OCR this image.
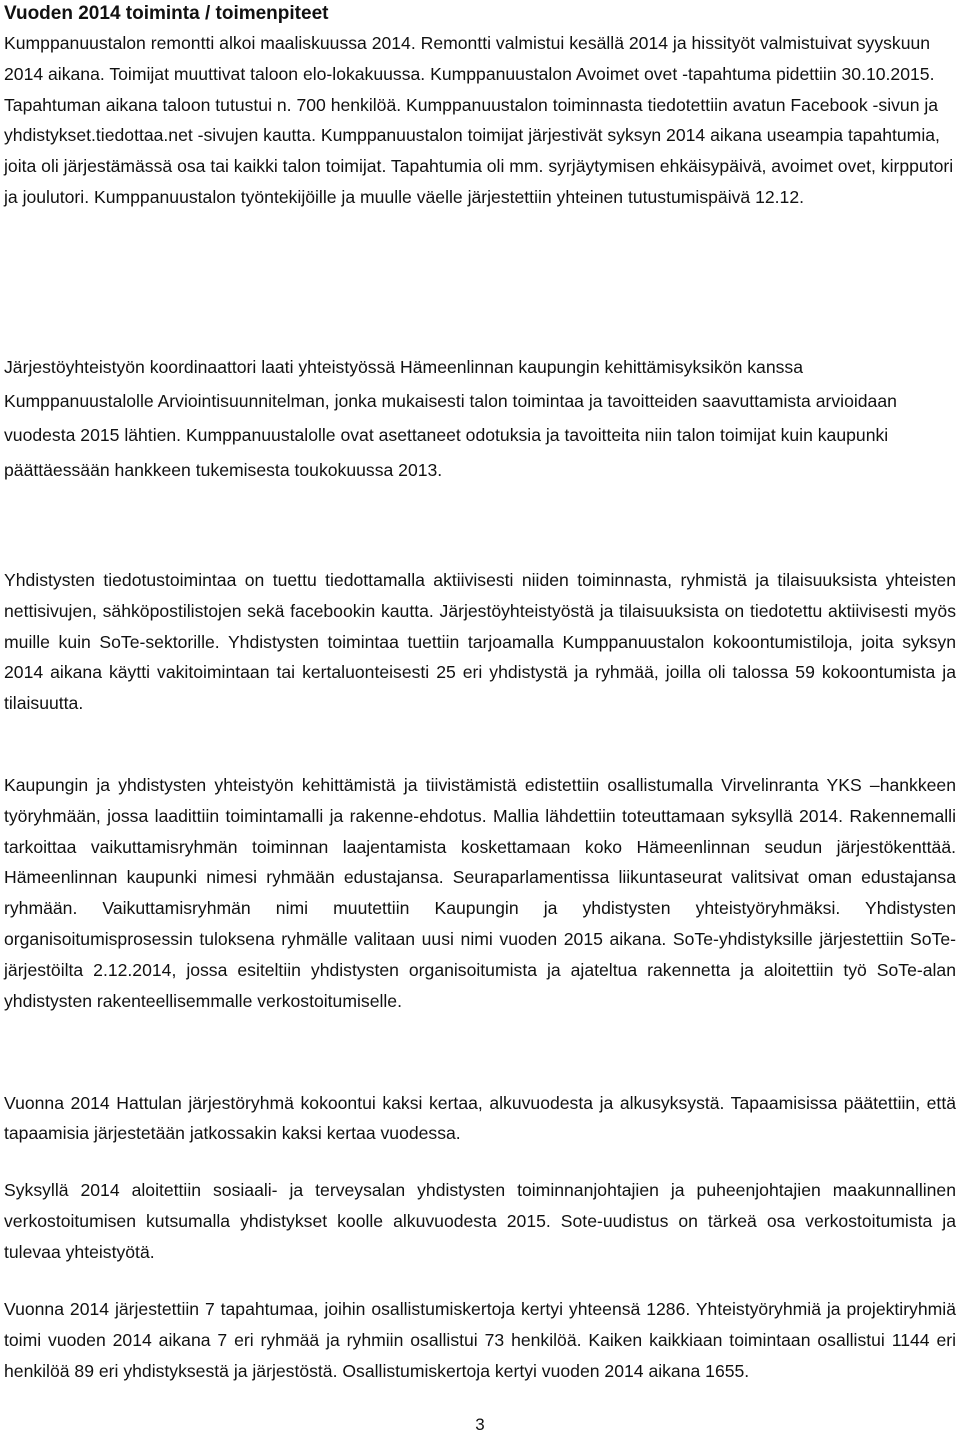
Vuoden 2014 toiminta / toimenpiteet

Kumppanuustalon remontti alkoi maaliskuussa 2014. Remontti valmistui kesällä 2014 ja hissityöt valmistuivat syyskuun 2014 aikana. Toimijat muuttivat taloon elo-lokakuussa. Kumppanuustalon Avoimet ovet -tapahtuma pidettiin 30.10.2015. Tapahtuman aikana taloon tutustui n. 700 henkilöä. Kumppanuustalon toiminnasta tiedotettiin avatun Facebook -sivun ja yhdistykset.tiedottaa.net -sivujen kautta. Kumppanuustalon toimijat järjestivät syksyn 2014 aikana useampia tapahtumia, joita oli järjestämässä osa tai kaikki talon toimijat. Tapahtumia oli mm. syrjäytymisen ehkäisypäivä, avoimet ovet, kirpputori ja joulutori. Kumppanuustalon työntekijöille ja muulle väelle järjestettiin yhteinen tutustumispäivä 12.12.

Järjestöyhteistyön koordinaattori laati yhteistyössä Hämeenlinnan kaupungin kehittämisyksikön kanssa Kumppanuustalolle Arviointisuunnitelman, jonka mukaisesti talon toimintaa ja tavoitteiden saavuttamista arvioidaan vuodesta 2015 lähtien. Kumppanuustalolle ovat asettaneet odotuksia ja tavoitteita niin talon toimijat kuin kaupunki päättäessään hankkeen tukemisesta toukokuussa 2013.

Yhdistysten tiedotustoimintaa on tuettu tiedottamalla aktiivisesti niiden toiminnasta, ryhmistä ja tilaisuuksista yhteisten nettisivujen, sähköpostilistojen sekä facebookin kautta. Järjestöyhteistyöstä ja tilaisuuksista on tiedotettu aktiivisesti myös muille kuin SoTe-sektorille. Yhdistysten toimintaa tuettiin tarjoamalla Kumppanuustalon kokoontumistiloja, joita syksyn 2014 aikana käytti vakitoimintaan tai kertaluonteisesti 25 eri yhdistystä ja ryhmää, joilla oli talossa 59 kokoontumista ja tilaisuutta.

Kaupungin ja yhdistysten yhteistyön kehittämistä ja tiivistämistä edistettiin osallistumalla Virvelinranta YKS –hankkeen työryhmään, jossa laadittiin toimintamalli ja rakenne-ehdotus. Mallia lähdettiin toteuttamaan syksyllä 2014. Rakennemalli tarkoittaa vaikuttamisryhmän toiminnan laajentamista koskettamaan koko Hämeenlinnan seudun järjestökenttää. Hämeenlinnan kaupunki nimesi ryhmään edustajansa. Seuraparlamentissa liikuntaseurat valitsivat oman edustajansa ryhmään. Vaikuttamisryhmän nimi muutettiin Kaupungin ja yhdistysten yhteistyöryhmäksi. Yhdistysten organisoitumisprosessin tuloksena ryhmälle valitaan uusi nimi vuoden 2015 aikana. SoTe-yhdistyksille järjestettiin SoTe-järjestöilta 2.12.2014, jossa esiteltiin yhdistysten organisoitumista ja ajateltua rakennetta ja aloitettiin työ SoTe-alan yhdistysten rakenteellisemmalle verkostoitumiselle.

Vuonna 2014 Hattulan järjestöryhmä kokoontui kaksi kertaa, alkuvuodesta ja alkusyksystä. Tapaamisissa päätettiin, että tapaamisia järjestetään jatkossakin kaksi kertaa vuodessa.

Syksyllä 2014 aloitettiin sosiaali- ja terveysalan yhdistysten toiminnanjohtajien ja puheenjohtajien maakunnallinen verkostoitumisen kutsumalla yhdistykset koolle alkuvuodesta 2015. Sote-uudistus on tärkeä osa verkostoitumista ja tulevaa yhteistyötä.

Vuonna 2014 järjestettiin 7 tapahtumaa, joihin osallistumiskertoja kertyi yhteensä 1286. Yhteistyöryhmiä ja projektiryhmiä toimi vuoden 2014 aikana 7 eri ryhmää ja ryhmiin osallistui 73 henkilöä. Kaiken kaikkiaan toimintaan osallistui 1144 eri henkilöä 89 eri yhdistyksestä ja järjestöstä. Osallistumiskertoja kertyi vuoden 2014 aikana 1655.

3
